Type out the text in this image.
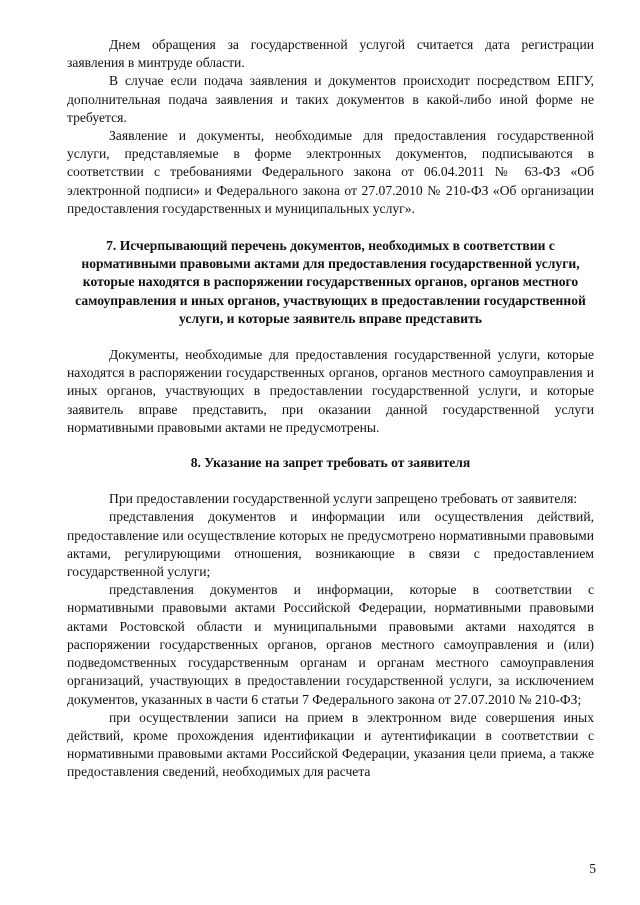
Днем обращения за государственной услугой считается дата регистрации заявления в минтруде области.

В случае если подача заявления и документов происходит посредством ЕПГУ, дополнительная подача заявления и таких документов в какой-либо иной форме не требуется.

Заявление и документы, необходимые для предоставления государственной услуги, представляемые в форме электронных документов, подписываются в соответствии с требованиями Федерального закона от 06.04.2011 № 63-ФЗ «Об электронной подписи» и Федерального закона от 27.07.2010 № 210-ФЗ «Об организации предоставления государственных и муниципальных услуг».

7. Исчерпывающий перечень документов, необходимых в соответствии с нормативными правовыми актами для предоставления государственной услуги, которые находятся в распоряжении государственных органов, органов местного самоуправления и иных органов, участвующих в предоставлении государственной услуги, и которые заявитель вправе представить

Документы, необходимые для предоставления государственной услуги, которые находятся в распоряжении государственных органов, органов местного самоуправления и иных органов, участвующих в предоставлении государственной услуги, и которые заявитель вправе представить, при оказании данной государственной услуги нормативными правовыми актами не предусмотрены.

8. Указание на запрет требовать от заявителя

При предоставлении государственной услуги запрещено требовать от заявителя:

представления документов и информации или осуществления действий, предоставление или осуществление которых не предусмотрено нормативными правовыми актами, регулирующими отношения, возникающие в связи с предоставлением государственной услуги;

представления документов и информации, которые в соответствии с нормативными правовыми актами Российской Федерации, нормативными правовыми актами Ростовской области и муниципальными правовыми актами находятся в распоряжении государственных органов, органов местного самоуправления и (или) подведомственных государственным органам и органам местного самоуправления организаций, участвующих в предоставлении государственной услуги, за исключением документов, указанных в части 6 статьи 7 Федерального закона от 27.07.2010 № 210-ФЗ;

при осуществлении записи на прием в электронном виде совершения иных действий, кроме прохождения идентификации и аутентификации в соответствии с нормативными правовыми актами Российской Федерации, указания цели приема, а также предоставления сведений, необходимых для расчета

5
